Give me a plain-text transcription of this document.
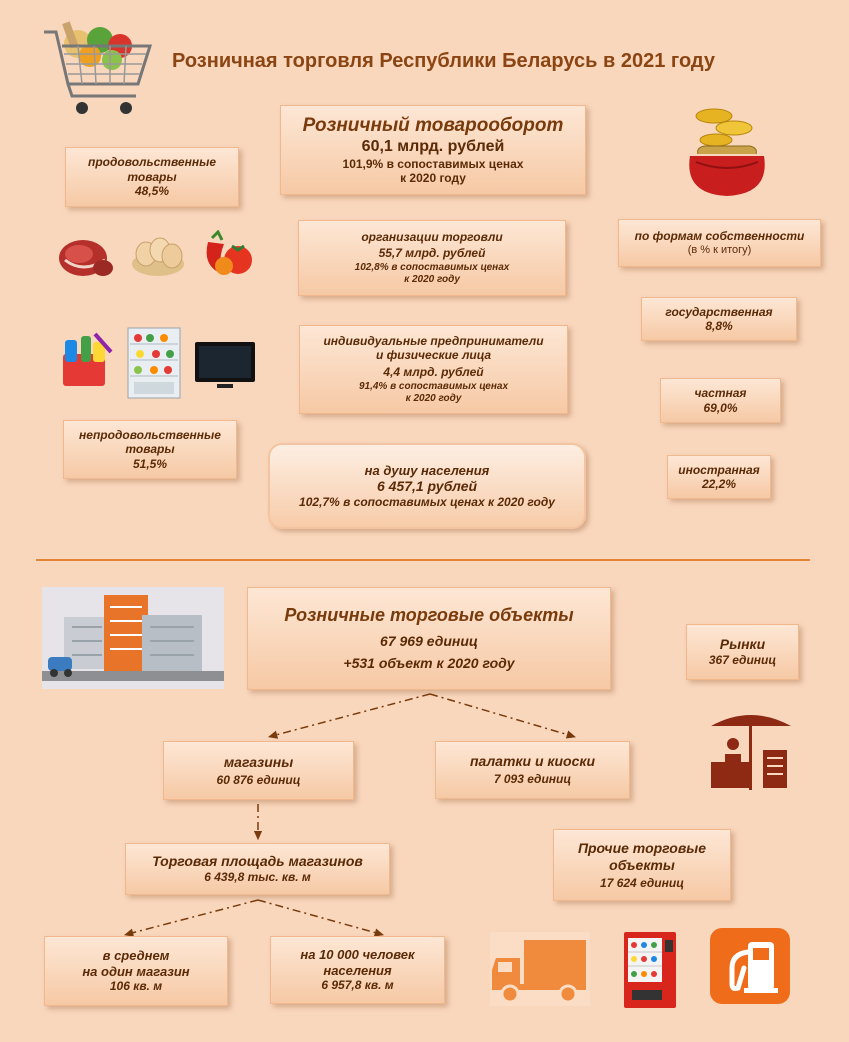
Розничная торговля Республики Беларусь в 2021 году
Розничный товарооборот
60,1 млрд. рублей
101,9% в сопоставимых ценах
к 2020 году
продовольственные
товары
48,5%
организации торговли
55,7 млрд. рублей
102,8% в сопоставимых ценах
к 2020 году
по формам собственности
(в % к итогу)
государственная
8,8%
индивидуальные предприниматели
и физические лица
4,4 млрд. рублей
91,4% в сопоставимых ценах
к 2020 году	частная
69,0%
непродовольственные
товары
51,5%	на душу населения
6 457,1 рублей
102,7% в сопоставимых ценах к 2020 году
иностранная
22,2%
Розничные торговые объекты
67 969 единиц
+531 объект к 2020 году
Рынки
367 единиц
магазины
60 876 единиц
палатки и киоски
7 093 единиц
Прочие торговые
объекты
17 624 единиц
Торговая площадь магазинов
6 439,8 тыс. кв. м
в среднем
на один магазин
106 кв. м
на 10 000 человек
населения
6 957,8 кв. м
